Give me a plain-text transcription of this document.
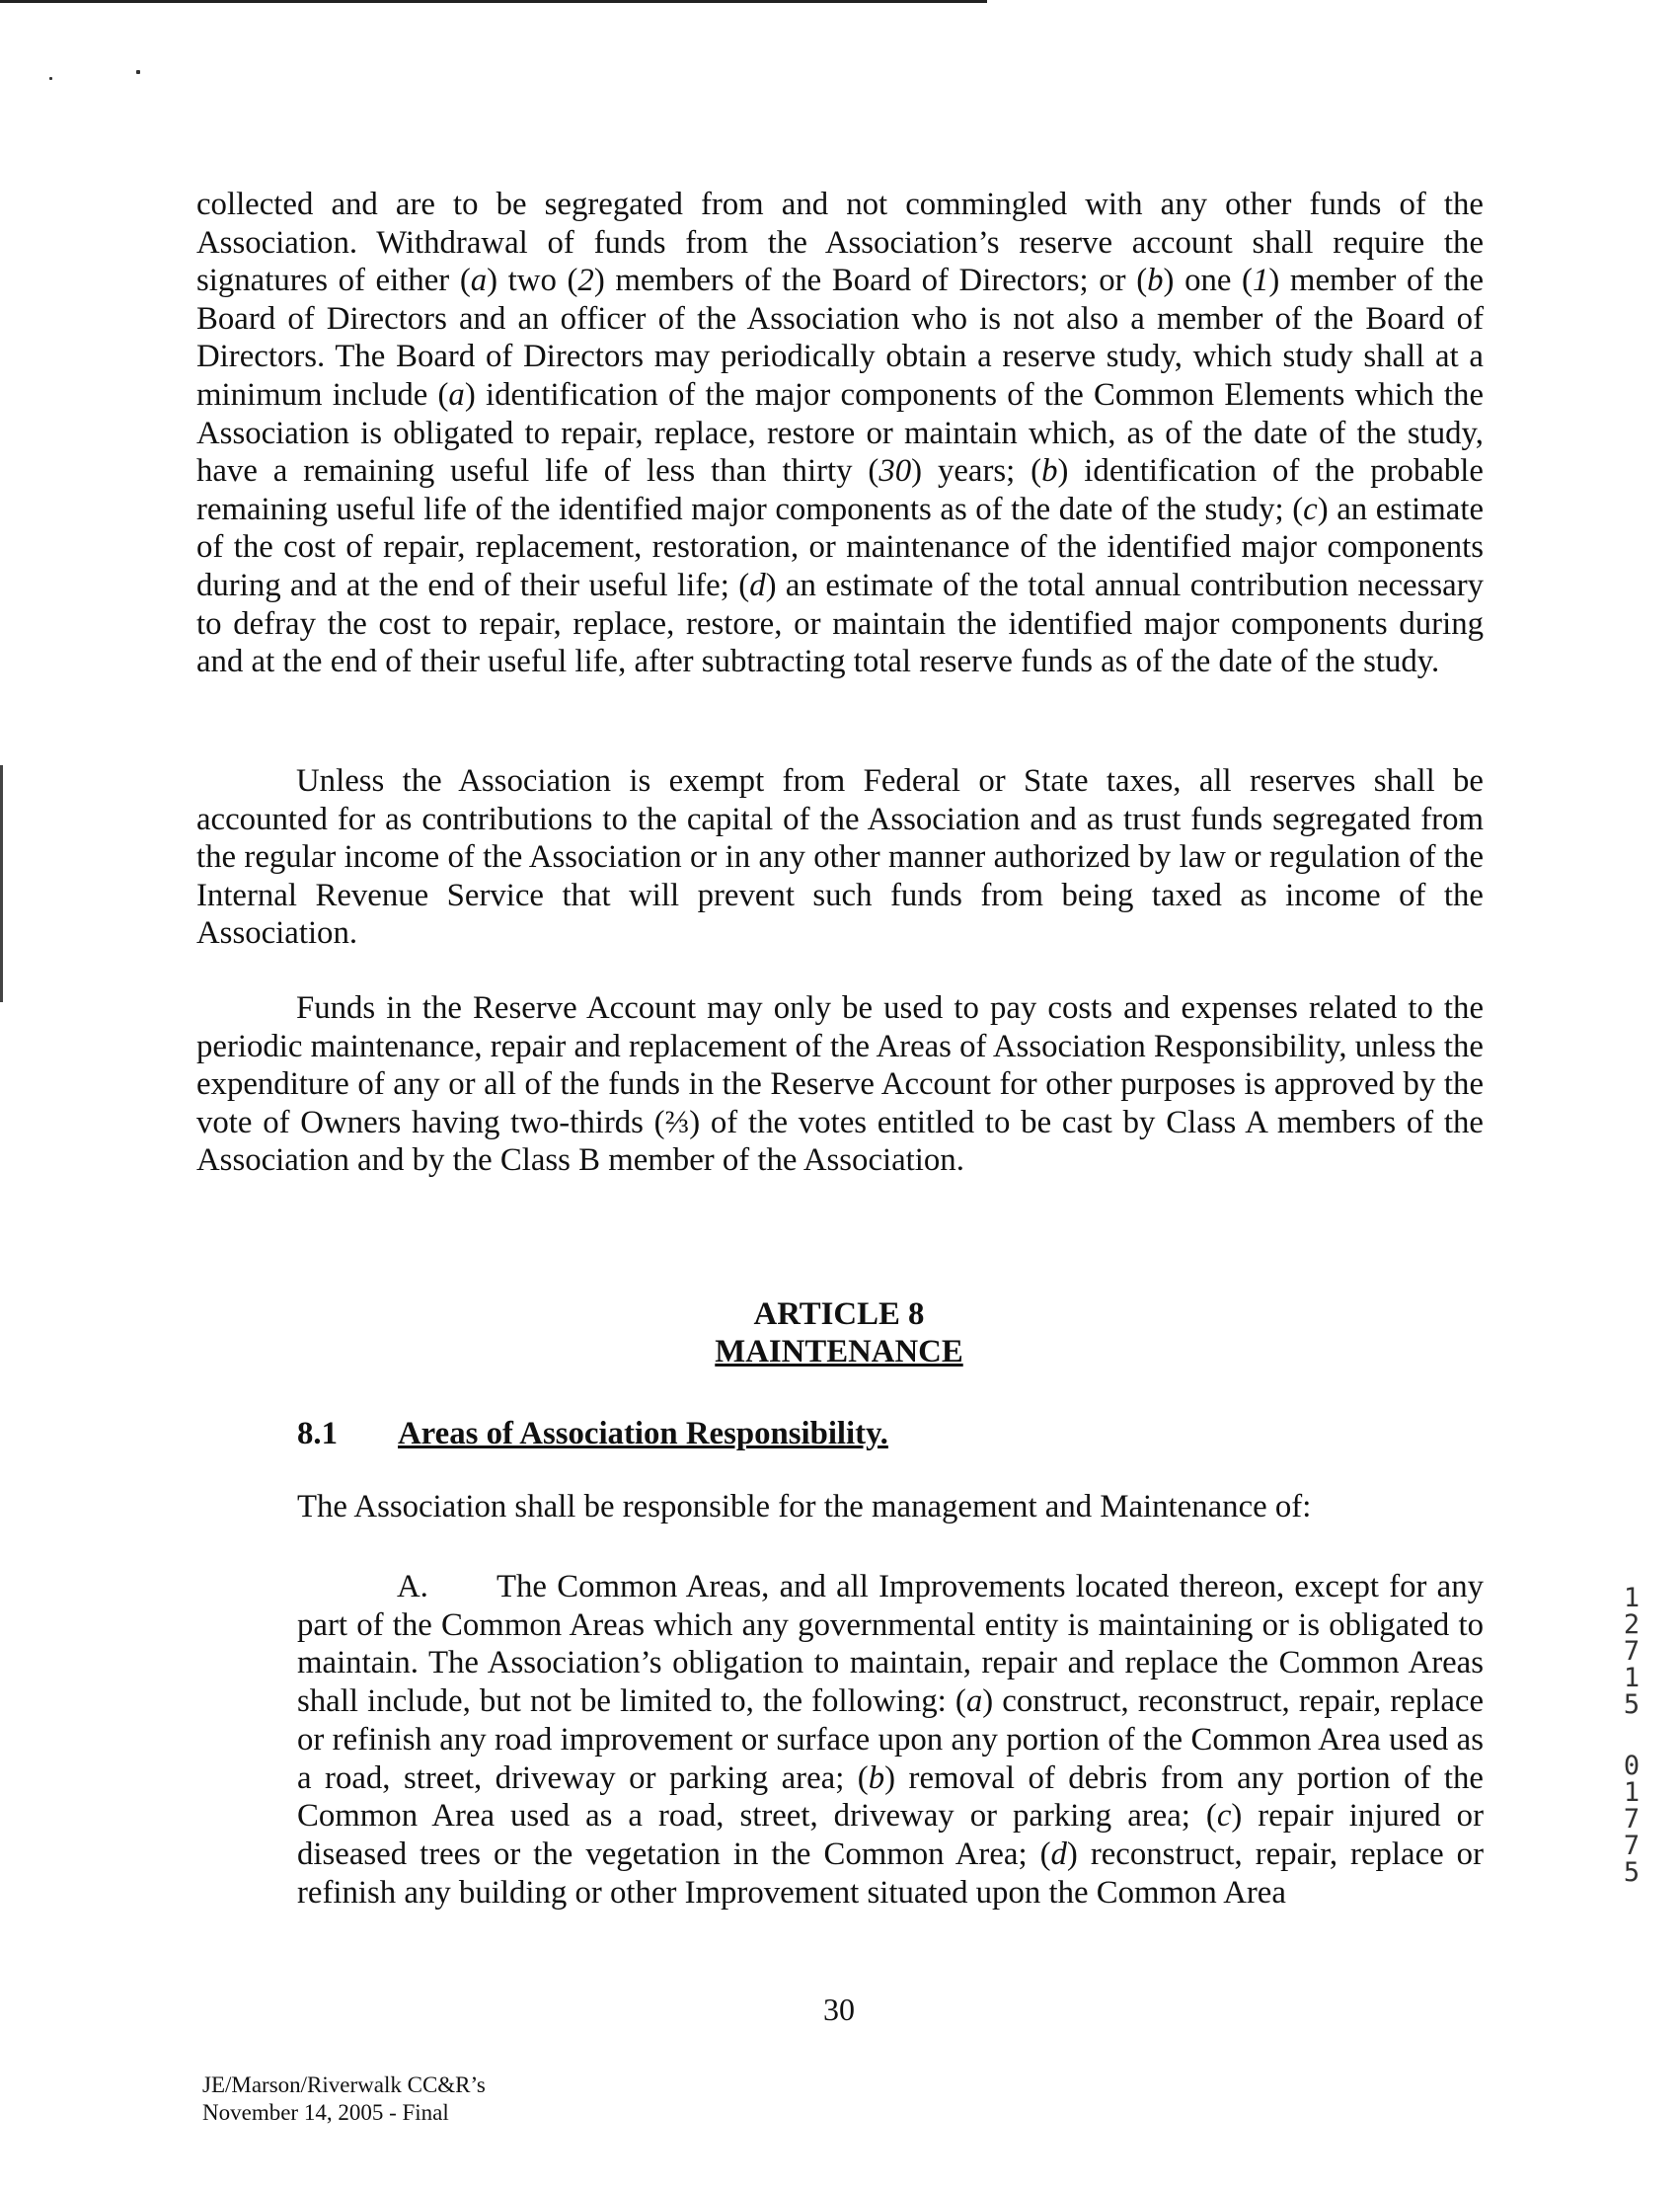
collected and are to be segregated from and not commingled with any other funds of the Association. Withdrawal of funds from the Association’s reserve account shall require the signatures of either (a) two (2) members of the Board of Directors; or (b) one (1) member of the Board of Directors and an officer of the Association who is not also a member of the Board of Directors. The Board of Directors may periodically obtain a reserve study, which study shall at a minimum include (a) identification of the major components of the Common Elements which the Association is obligated to repair, replace, restore or maintain which, as of the date of the study, have a remaining useful life of less than thirty (30) years; (b) identification of the probable remaining useful life of the identified major components as of the date of the study; (c) an estimate of the cost of repair, replacement, restoration, or maintenance of the identified major components during and at the end of their useful life; (d) an estimate of the total annual contribution necessary to defray the cost to repair, replace, restore, or maintain the identified major components during and at the end of their useful life, after subtracting total reserve funds as of the date of the study.

Unless the Association is exempt from Federal or State taxes, all reserves shall be accounted for as contributions to the capital of the Association and as trust funds segregated from the regular income of the Association or in any other manner authorized by law or regulation of the Internal Revenue Service that will prevent such funds from being taxed as income of the Association.

Funds in the Reserve Account may only be used to pay costs and expenses related to the periodic maintenance, repair and replacement of the Areas of Association Responsibility, unless the expenditure of any or all of the funds in the Reserve Account for other purposes is approved by the vote of Owners having two-thirds (⅔) of the votes entitled to be cast by Class A members of the Association and by the Class B member of the Association.

ARTICLE 8
MAINTENANCE
8.1 Areas of Association Responsibility.

The Association shall be responsible for the management and Maintenance of:

A. The Common Areas, and all Improvements located thereon, except for any part of the Common Areas which any governmental entity is maintaining or is obligated to maintain. The Association’s obligation to maintain, repair and replace the Common Areas shall include, but not be limited to, the following: (a) construct, reconstruct, repair, replace or refinish any road improvement or surface upon any portion of the Common Area used as a road, street, driveway or parking area; (b) removal of debris from any portion of the Common Area used as a road, street, driveway or parking area; (c) repair injured or diseased trees or the vegetation in the Common Area; (d) reconstruct, repair, replace or refinish any building or other Improvement situated upon the Common Area

30
JE/Marson/Riverwalk CC&R’s
November 14, 2005 - Final
1
2
7
1
5
0
1
7
7
5
